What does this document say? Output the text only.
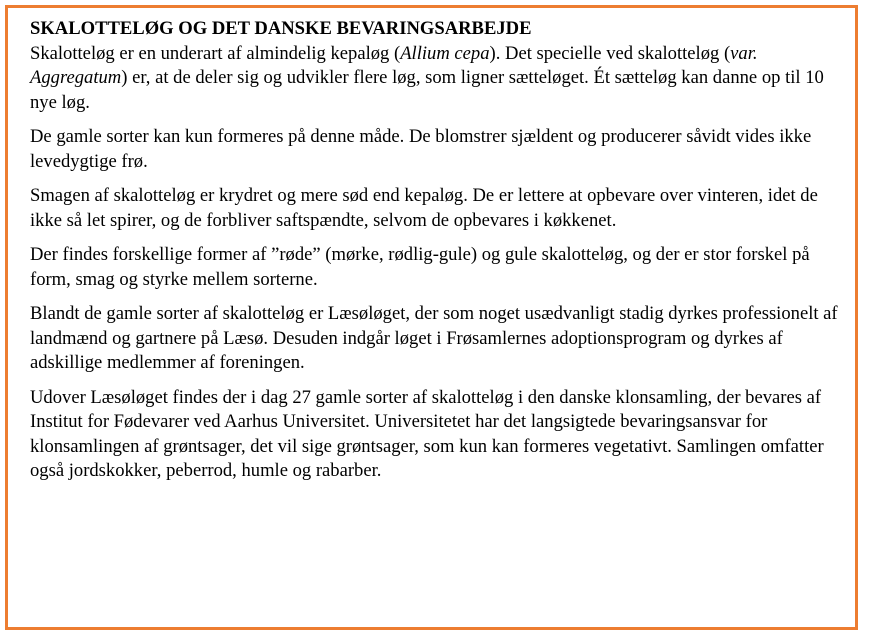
SKALOTTELØG OG DET DANSKE BEVARINGSARBEJDE

Skalotteløg er en underart af almindelig kepaløg (Allium cepa). Det specielle ved skalotteløg (var. Aggregatum) er, at de deler sig og udvikler flere løg, som ligner sætteløget. Ét sætteløg kan danne op til 10 nye løg.

De gamle sorter kan kun formeres på denne måde. De blomstrer sjældent og producerer såvidt vides ikke levedygtige frø.

Smagen af skalotteløg er krydret og mere sød end kepaløg. De er lettere at opbevare over vinteren, idet de ikke så let spirer, og de forbliver saftspændte, selvom de opbevares i køkkenet.

Der findes forskellige former af ”røde” (mørke, rødlig-gule) og gule skalotteløg, og der er stor forskel på form, smag og styrke mellem sorterne.

Blandt de gamle sorter af skalotteløg er Læsøløget, der som noget usædvanligt stadig dyrkes professionelt af landmænd og gartnere på Læsø. Desuden indgår løget i Frøsamlernes adoptionsprogram og dyrkes af adskillige medlemmer af foreningen.

Udover Læsøløget findes der i dag 27 gamle sorter af skalotteløg i den danske klonsamling, der bevares af Institut for Fødevarer ved Aarhus Universitet. Universitetet har det langsigtede bevaringsansvar for klonsamlingen af grøntsager, det vil sige grøntsager, som kun kan formeres vegetativt. Samlingen omfatter også jordskokker, peberrod, humle og rabarber.
